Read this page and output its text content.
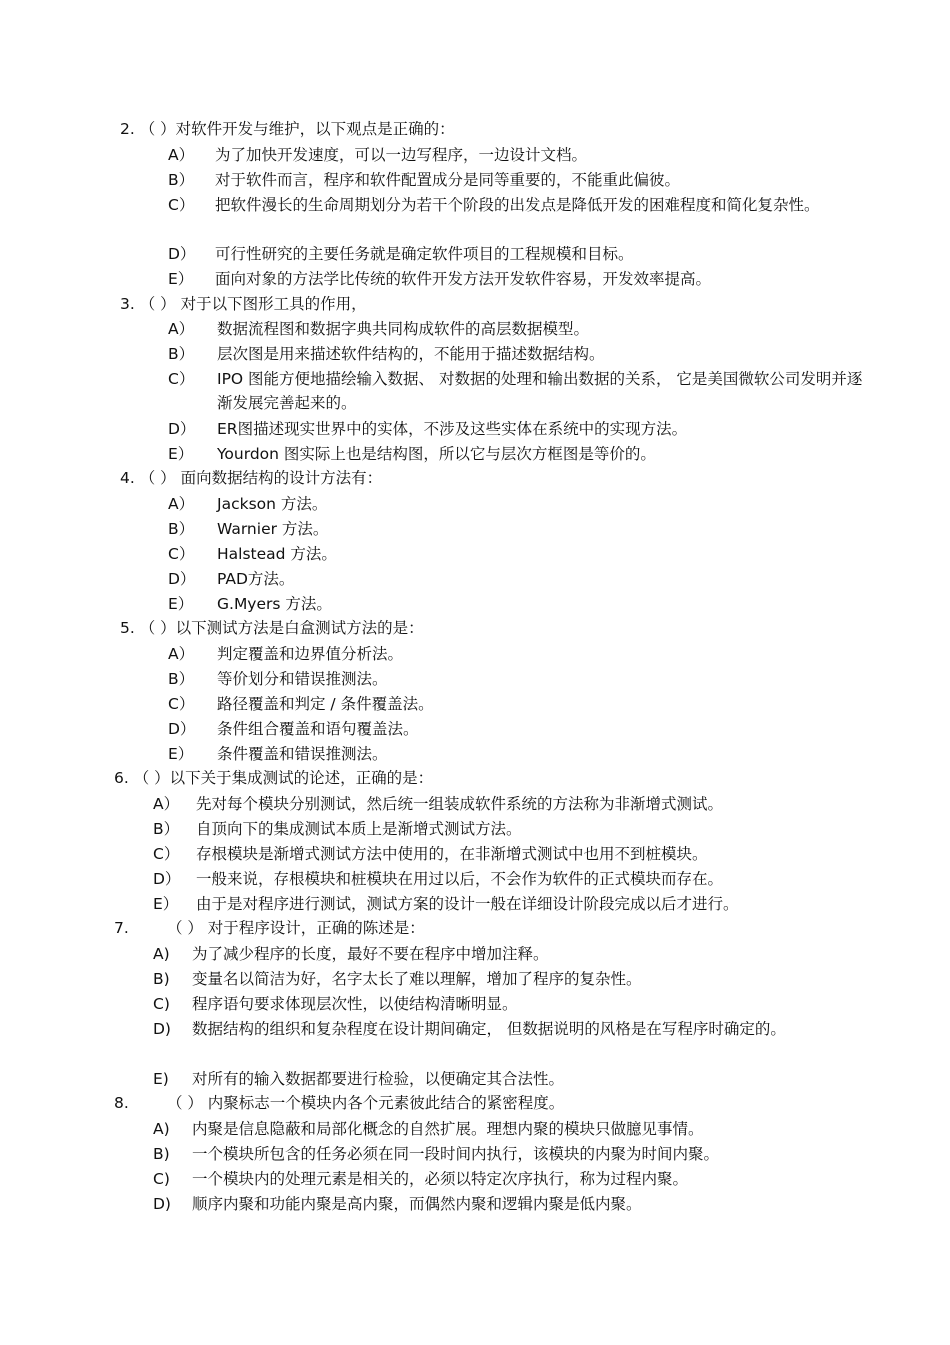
2. （ ）对软件开发与维护，以下观点是正确的：
A） 为了加快开发速度，可以一边写程序，一边设计文档。
B） 对于软件而言，程序和软件配置成分是同等重要的，不能重此偏彼。
C） 把软件漫长的生命周期划分为若干个阶段的出发点是降低开发的困难程度和简化复杂性。
D） 可行性研究的主要任务就是确定软件项目的工程规模和目标。
E） 面向对象的方法学比传统的软件开发方法开发软件容易，开发效率提高。
3. （ ） 对于以下图形工具的作用，
A） 数据流程图和数据字典共同构成软件的高层数据模型。
B） 层次图是用来描述软件结构的，不能用于描述数据结构。
C） IPO 图能方便地描绘输入数据、 对数据的处理和输出数据的关系， 它是美国微软公司发明并逐渐发展完善起来的。
D） ER图描述现实世界中的实体，不涉及这些实体在系统中的实现方法。
E） Yourdon 图实际上也是结构图，所以它与层次方框图是等价的。
4. （ ） 面向数据结构的设计方法有：
A） Jackson 方法。
B） Warnier 方法。
C） Halstead 方法。
D） PAD方法。
E） G.Myers 方法。
5. （ ）以下测试方法是白盒测试方法的是：
A） 判定覆盖和边界值分析法。
B） 等价划分和错误推测法。
C） 路径覆盖和判定 / 条件覆盖法。
D） 条件组合覆盖和语句覆盖法。
E） 条件覆盖和错误推测法。
6. （ ）以下关于集成测试的论述，正确的是：
A） 先对每个模块分别测试，然后统一组装成软件系统的方法称为非渐增式测试。
B） 自顶向下的集成测试本质上是渐增式测试方法。
C） 存根模块是渐增式测试方法中使用的，在非渐增式测试中也用不到桩模块。
D） 一般来说，存根模块和桩模块在用过以后，不会作为软件的正式模块而存在。
E） 由于是对程序进行测试，测试方案的设计一般在详细设计阶段完成以后才进行。
7. （ ） 对于程序设计，正确的陈述是：
A) 为了减少程序的长度，最好不要在程序中增加注释。
B) 变量名以简洁为好，名字太长了难以理解，增加了程序的复杂性。
C) 程序语句要求体现层次性，以使结构清晰明显。
D) 数据结构的组织和复杂程度在设计期间确定， 但数据说明的风格是在写程序时确定的。
E) 对所有的输入数据都要进行检验，以便确定其合法性。
8. （ ） 内聚标志一个模块内各个元素彼此结合的紧密程度。
A) 内聚是信息隐蔽和局部化概念的自然扩展。理想内聚的模块只做臆见事情。
B) 一个模块所包含的任务必须在同一段时间内执行，该模块的内聚为时间内聚。
C) 一个模块内的处理元素是相关的，必须以特定次序执行，称为过程内聚。
D) 顺序内聚和功能内聚是高内聚，而偶然内聚和逻辑内聚是低内聚。
